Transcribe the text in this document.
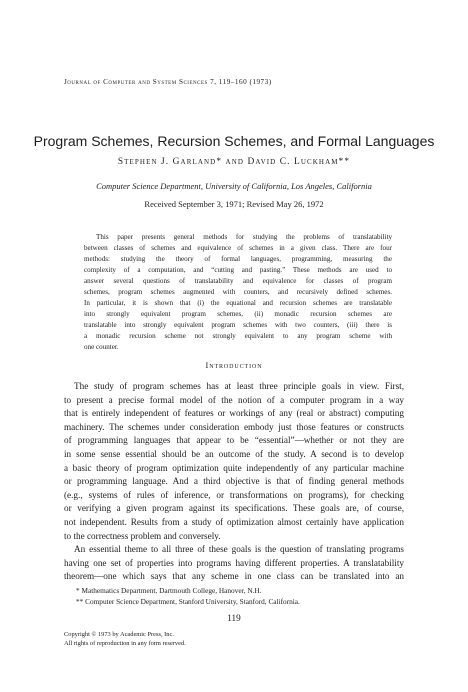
Journal of Computer and System Sciences 7, 119–160 (1973)
Program Schemes, Recursion Schemes, and Formal Languages
Stephen J. Garland* and David C. Luckham**
Computer Science Department, University of California, Los Angeles, California
Received September 3, 1971; Revised May 26, 1972
This paper presents general methods for studying the problems of translatability
between classes of schemes and equivalence of schemes in a given class. There are four
methods: studying the theory of formal languages, programming, measuring the
complexity of a computation, and “cutting and pasting.” These methods are used to
answer several questions of translatability and equivalence for classes of program
schemes, program schemes augmented with counters, and recursively defined schemes.
In particular, it is shown that (i) the equational and recursion schemes are translatable
into strongly equivalent program schemes, (ii) monadic recursion schemes are
translatable into strongly equivalent program schemes with two counters, (iii) there is
a monadic recursion scheme not strongly equivalent to any program scheme with
one counter.
Introduction
The study of program schemes has at least three principle goals in view. First,
to present a precise formal model of the notion of a computer program in a way
that is entirely independent of features or workings of any (real or abstract) computing
machinery. The schemes under consideration embody just those features or constructs
of programming languages that appear to be “essential”—whether or not they are
in some sense essential should be an outcome of the study. A second is to develop
a basic theory of program optimization quite independently of any particular machine
or programming language. And a third objective is that of finding general methods
(e.g., systems of rules of inference, or transformations on programs), for checking
or verifying a given program against its specifications. These goals are, of course,
not independent. Results from a study of optimization almost certainly have application
to the correctness problem and conversely.
An essential theme to all three of these goals is the question of translating programs
having one set of properties into programs having different properties. A translatability
theorem—one which says that any scheme in one class can be translated into an
* Mathematics Department, Dartmouth College, Hanover, N.H.
** Computer Science Department, Stanford University, Stanford, California.
119
Copyright © 1973 by Academic Press, Inc.
All rights of reproduction in any form reserved.
